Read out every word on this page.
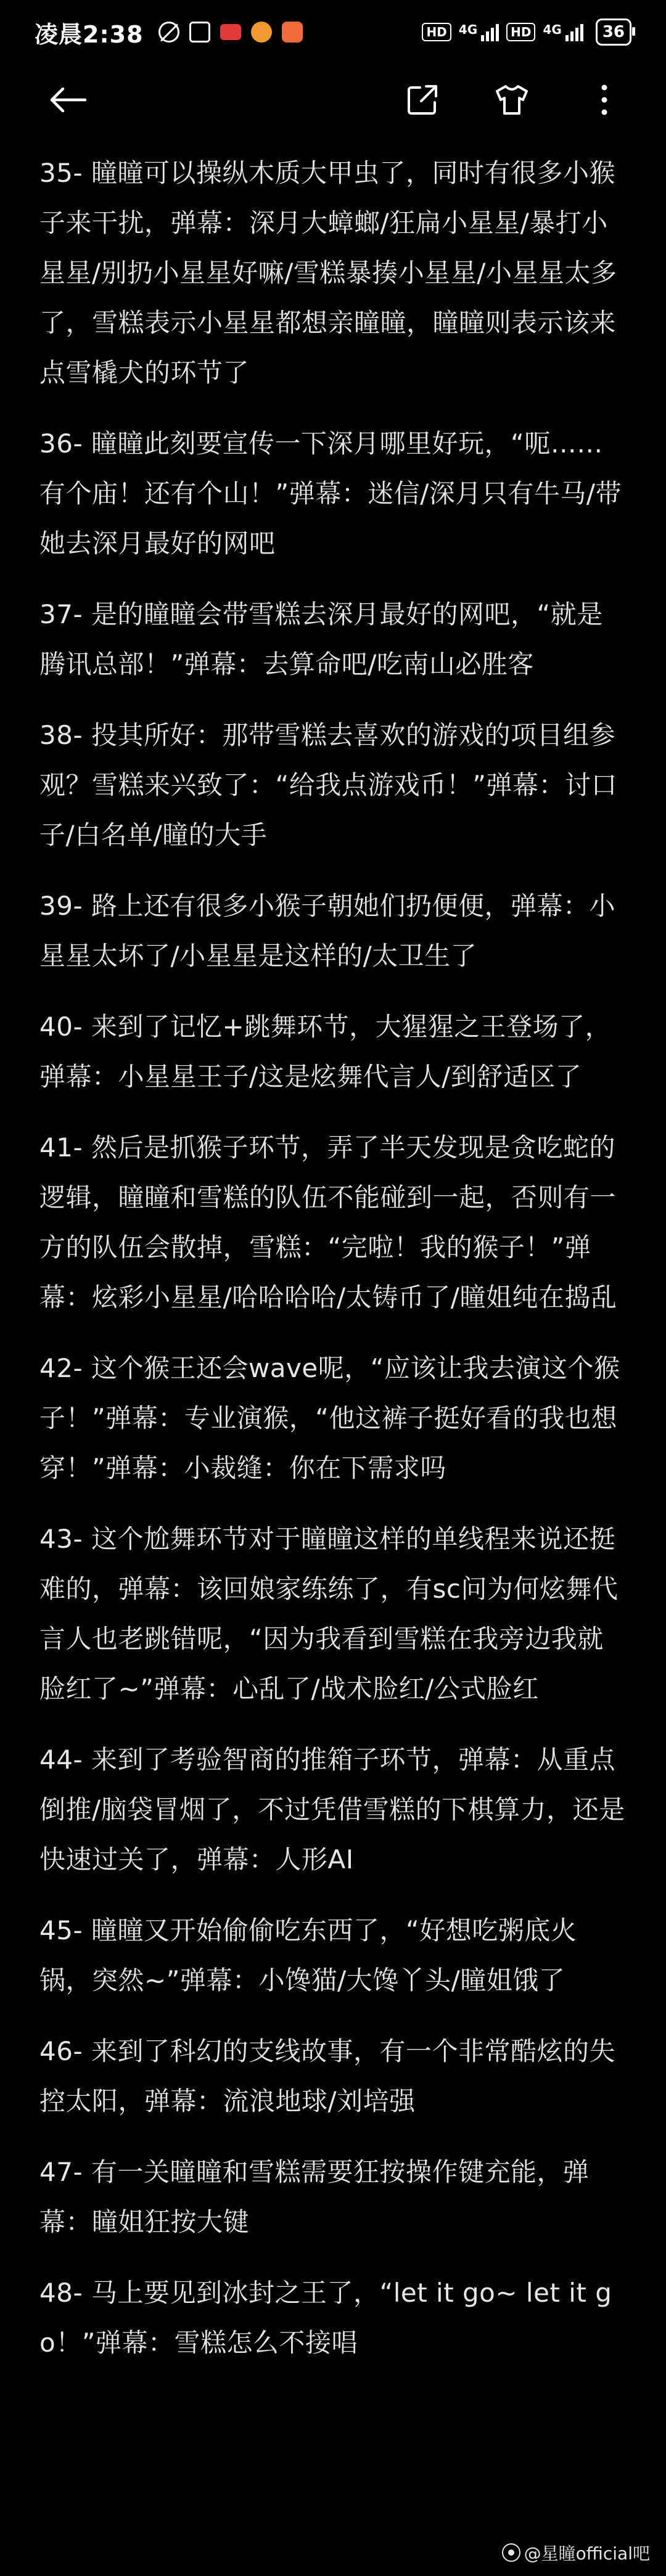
凌晨2:38	HD 4G	HD 4G	36

35- 瞳瞳可以操纵木质大甲虫了，同时有很多小猴子来干扰，弹幕：深月大蟑螂/狂扁小星星/暴打小星星/别扔小星星好嘛/雪糕暴揍小星星/小星星太多了，雪糕表示小星星都想亲瞳瞳，瞳瞳则表示该来点雪橇犬的环节了

36- 瞳瞳此刻要宣传一下深月哪里好玩，“呃……有个庙！还有个山！”弹幕：迷信/深月只有牛马/带她去深月最好的网吧

37- 是的瞳瞳会带雪糕去深月最好的网吧，“就是腾讯总部！”弹幕：去算命吧/吃南山必胜客

38- 投其所好：那带雪糕去喜欢的游戏的项目组参观？雪糕来兴致了：“给我点游戏币！”弹幕：讨口子/白名单/瞳的大手

39- 路上还有很多小猴子朝她们扔便便，弹幕：小星星太坏了/小星星是这样的/太卫生了

40- 来到了记忆+跳舞环节，大猩猩之王登场了，弹幕：小星星王子/这是炫舞代言人/到舒适区了

41- 然后是抓猴子环节，弄了半天发现是贪吃蛇的逻辑，瞳瞳和雪糕的队伍不能碰到一起，否则有一方的队伍会散掉，雪糕：“完啦！我的猴子！”弹幕：炫彩小星星/哈哈哈哈/太铸币了/瞳姐纯在捣乱

42- 这个猴王还会wave呢，“应该让我去演这个猴子！”弹幕：专业演猴，“他这裤子挺好看的我也想穿！”弹幕：小裁缝：你在下需求吗

43- 这个尬舞环节对于瞳瞳这样的单线程来说还挺难的，弹幕：该回娘家练练了，有sc问为何炫舞代言人也老跳错呢，“因为我看到雪糕在我旁边我就脸红了~”弹幕：心乱了/战术脸红/公式脸红

44- 来到了考验智商的推箱子环节，弹幕：从重点倒推/脑袋冒烟了，不过凭借雪糕的下棋算力，还是快速过关了，弹幕：人形AI

45- 瞳瞳又开始偷偷吃东西了，“好想吃粥底火锅，突然~”弹幕：小馋猫/大馋丫头/瞳姐饿了

46- 来到了科幻的支线故事，有一个非常酷炫的失控太阳，弹幕：流浪地球/刘培强

47- 有一关瞳瞳和雪糕需要狂按操作键充能，弹幕：瞳姐狂按大键

48- 马上要见到冰封之王了，“let it go~ let it go！”弹幕：雪糕怎么不接唱

@星瞳official吧
